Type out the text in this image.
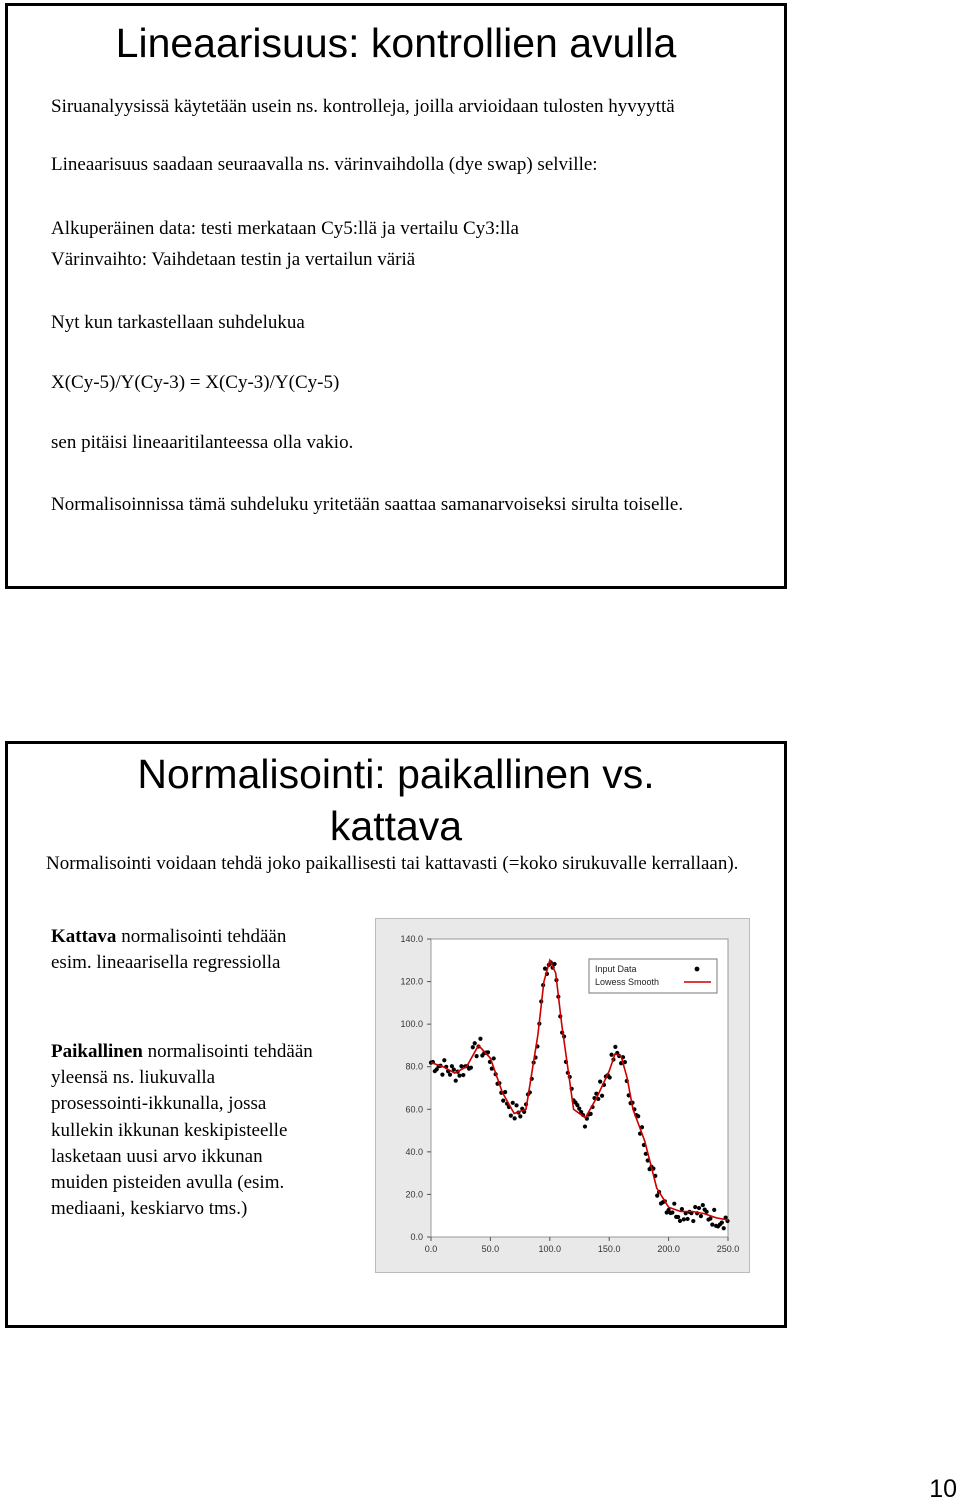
Lineaarisuus: kontrollien avulla
Siruanalyysissä käytetään usein ns. kontrolleja, joilla arvioidaan tulosten hyvyyttä
Lineaarisuus saadaan seuraavalla ns. värinvaihdolla (dye swap) selville:
Alkuperäinen data: testi merkataan Cy5:llä ja vertailu Cy3:lla
Värinvaihto: Vaihdetaan testin ja vertailun väriä
Nyt kun tarkastellaan suhdelukua
X(Cy-5)/Y(Cy-3) = X(Cy-3)/Y(Cy-5)
sen pitäisi lineaaritilanteessa olla vakio.
Normalisoinnissa tämä suhdeluku yritetään saattaa samanarvoiseksi sirulta toiselle.
Normalisointi: paikallinen vs.
kattava
Normalisointi voidaan tehdä joko paikallisesti tai kattavasti (=koko sirukuvalle kerrallaan).
Kattava normalisointi tehdään esim. lineaarisella regressiolla
Paikallinen normalisointi tehdään yleensä ns. liukuvalla prosessointi-ikkunalla, jossa kullekin ikkunan keskipisteelle lasketaan uusi arvo ikkunan muiden pisteiden avulla (esim. mediaani, keskiarvo tms.)
0.0
20.0
40.0
60.0
80.0
100.0
120.0
140.0
0.0	50.0	100.0	150.0	200.0	250.0
Input Data
Lowess Smooth
10
